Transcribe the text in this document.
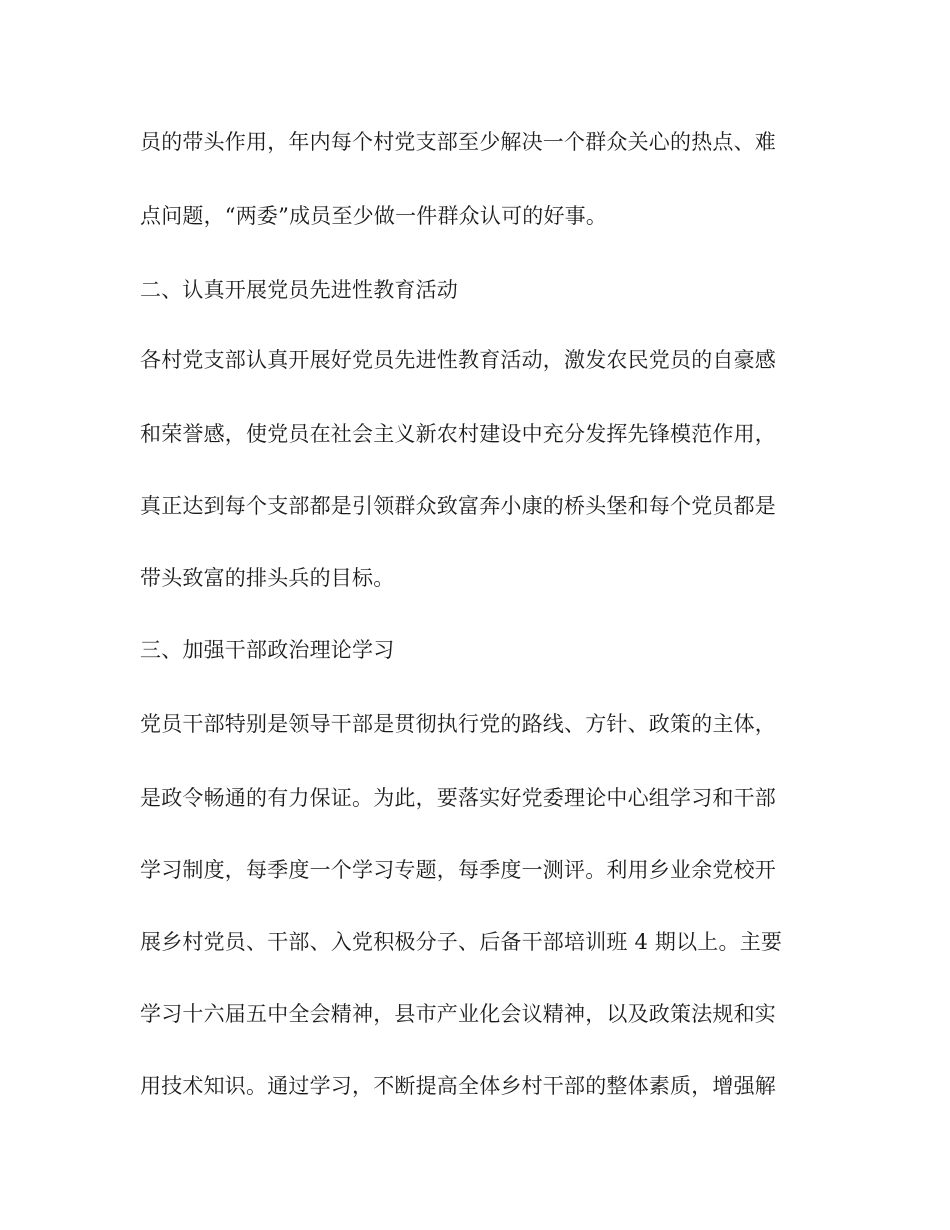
员的带头作用，年内每个村党支部至少解决一个群众关心的热点、难
点问题，“两委”成员至少做一件群众认可的好事。
二、认真开展党员先进性教育活动
各村党支部认真开展好党员先进性教育活动，激发农民党员的自豪感
和荣誉感，使党员在社会主义新农村建设中充分发挥先锋模范作用，
真正达到每个支部都是引领群众致富奔小康的桥头堡和每个党员都是
带头致富的排头兵的目标。
三、加强干部政治理论学习
党员干部特别是领导干部是贯彻执行党的路线、方针、政策的主体，
是政令畅通的有力保证。为此，要落实好党委理论中心组学习和干部
学习制度，每季度一个学习专题，每季度一测评。利用乡业余党校开
展乡村党员、干部、入党积极分子、后备干部培训班 4 期以上。主要
学习十六届五中全会精神，县市产业化会议精神，以及政策法规和实
用技术知识。通过学习，不断提高全体乡村干部的整体素质，增强解
